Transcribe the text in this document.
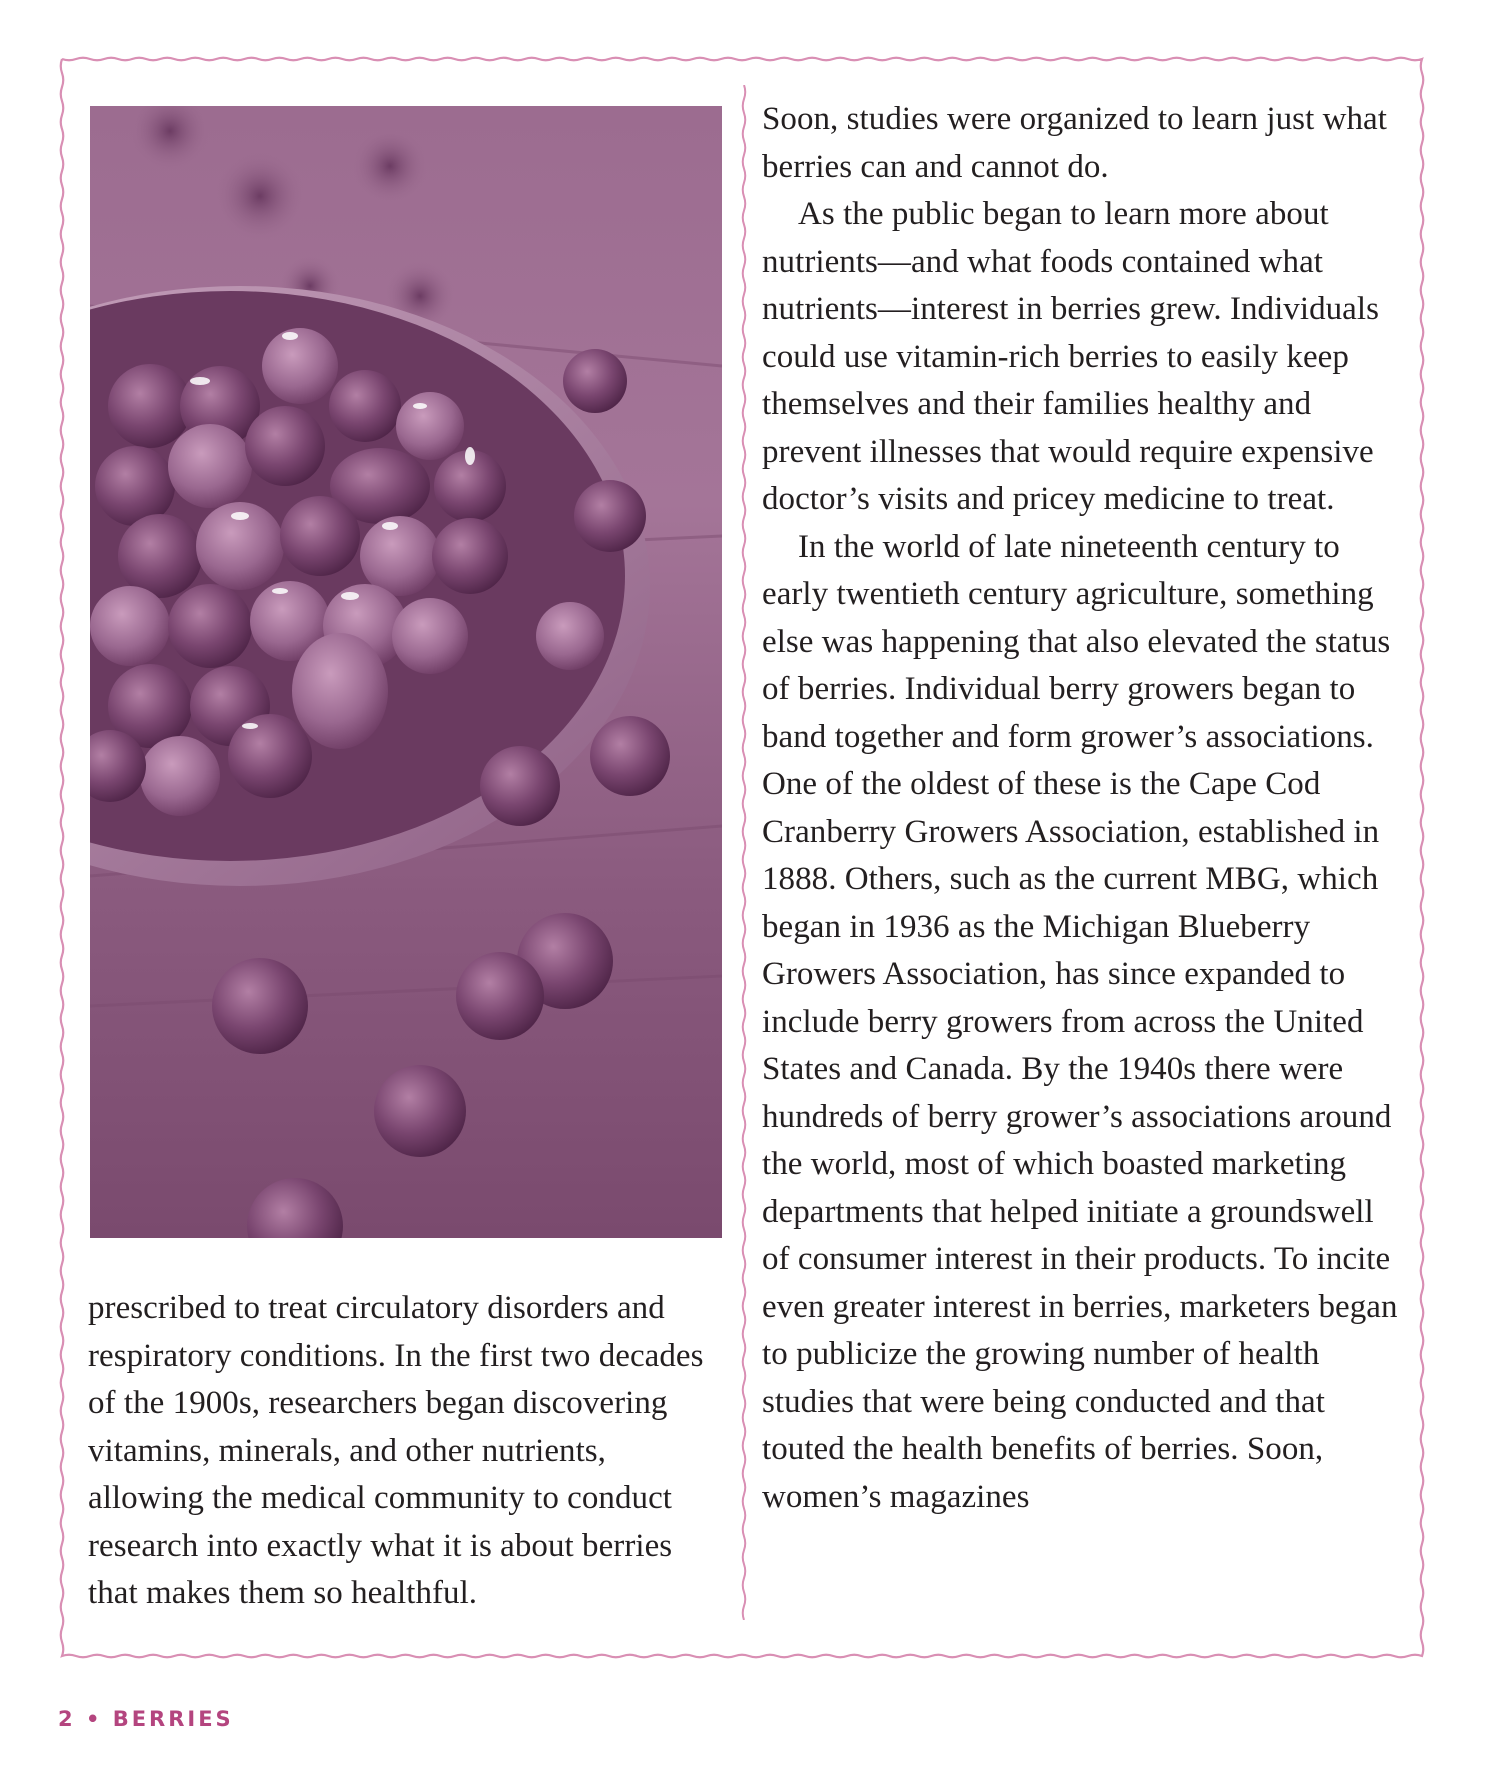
prescribed to treat circulatory disorders and respiratory conditions. In the first two decades of the 1900s, researchers began discovering vitamins, minerals, and other nutrients, allowing the medical community to conduct research into exactly what it is about berries that makes them so healthful.

Soon, studies were organized to learn just what berries can and cannot do.

As the public began to learn more about nutrients—and what foods contained what nutrients—interest in berries grew. Individuals could use vitamin-rich berries to easily keep themselves and their families healthy and prevent illnesses that would require expensive doctor’s visits and pricey medicine to treat.

In the world of late nineteenth century to early twentieth century agriculture, something else was happening that also elevated the status of berries. Individual berry growers began to band together and form grower’s associations. One of the oldest of these is the Cape Cod Cranberry Growers Association, established in 1888. Others, such as the current MBG, which began in 1936 as the Michigan Blueberry Growers Association, has since expanded to include berry growers from across the United States and Canada. By the 1940s there were hundreds of berry grower’s associations around the world, most of which boasted marketing departments that helped initiate a groundswell of consumer interest in their products. To incite even greater interest in berries, marketers began to publicize the growing number of health studies that were being conducted and that touted the health benefits of berries. Soon, women’s magazines

2 • BERRIES
